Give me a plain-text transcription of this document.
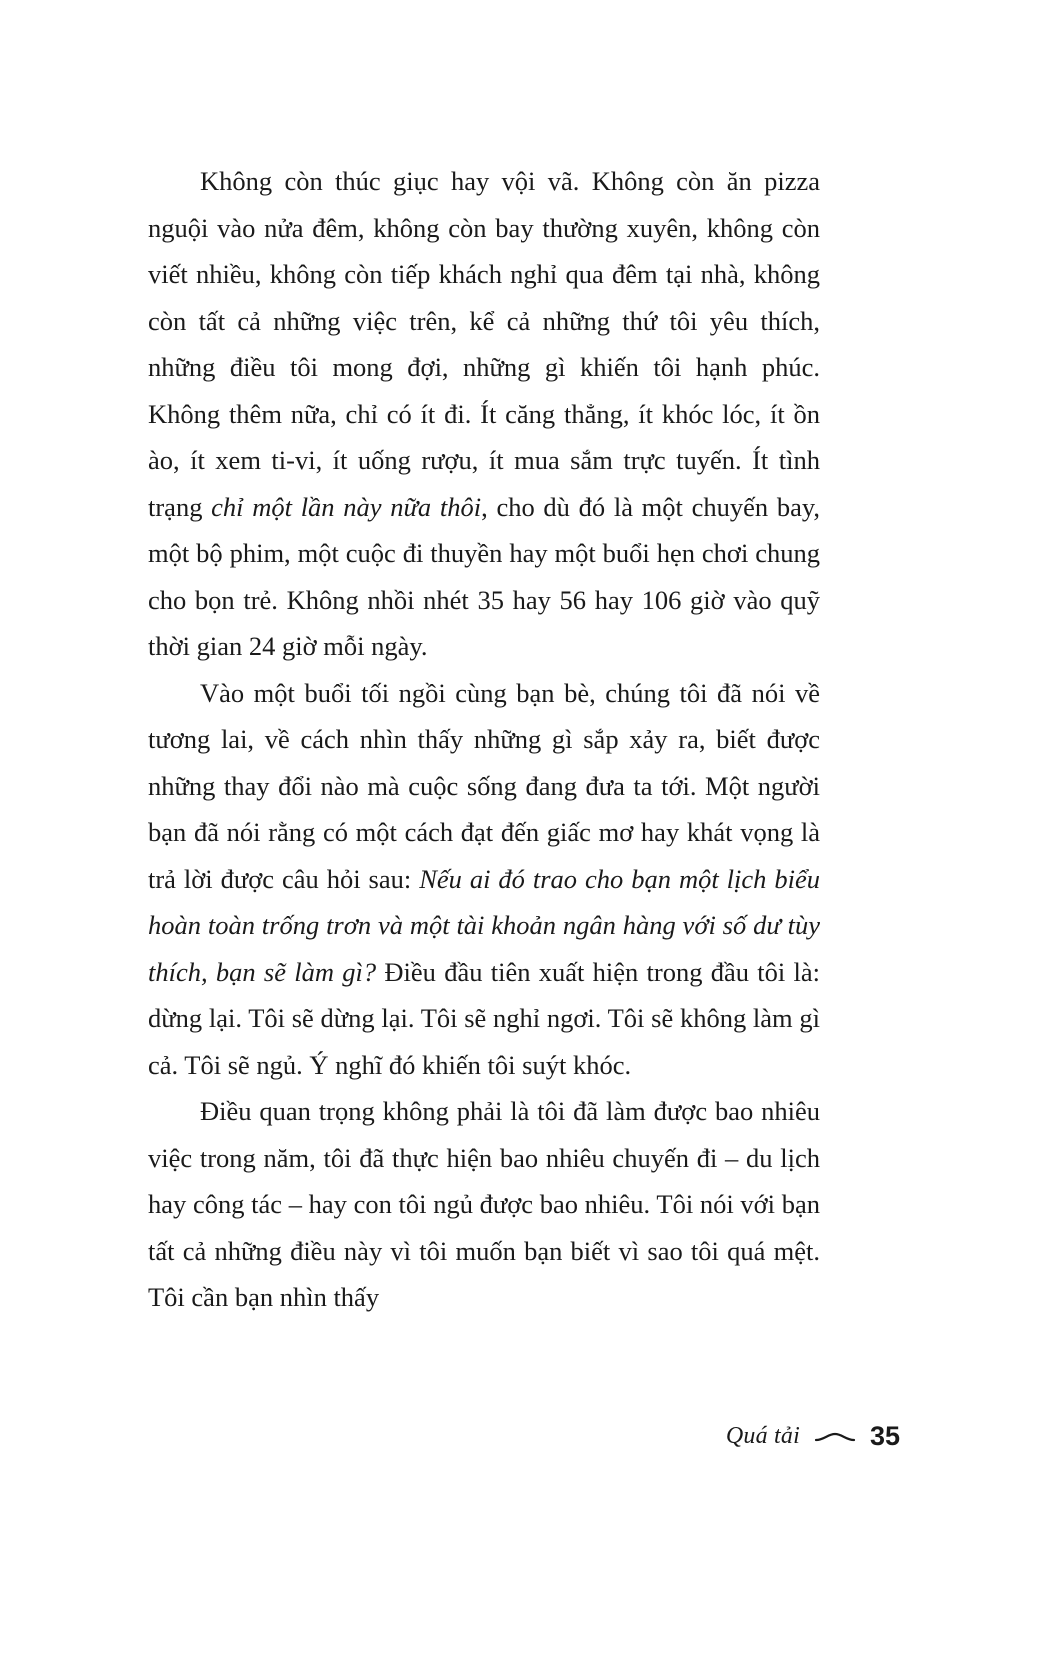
Không còn thúc giục hay vội vã. Không còn ăn pizza nguội vào nửa đêm, không còn bay thường xuyên, không còn viết nhiều, không còn tiếp khách nghỉ qua đêm tại nhà, không còn tất cả những việc trên, kể cả những thứ tôi yêu thích, những điều tôi mong đợi, những gì khiến tôi hạnh phúc. Không thêm nữa, chỉ có ít đi. Ít căng thẳng, ít khóc lóc, ít ồn ào, ít xem ti-vi, ít uống rượu, ít mua sắm trực tuyến. Ít tình trạng chỉ một lần này nữa thôi, cho dù đó là một chuyến bay, một bộ phim, một cuộc đi thuyền hay một buổi hẹn chơi chung cho bọn trẻ. Không nhồi nhét 35 hay 56 hay 106 giờ vào quỹ thời gian 24 giờ mỗi ngày.

Vào một buổi tối ngồi cùng bạn bè, chúng tôi đã nói về tương lai, về cách nhìn thấy những gì sắp xảy ra, biết được những thay đổi nào mà cuộc sống đang đưa ta tới. Một người bạn đã nói rằng có một cách đạt đến giấc mơ hay khát vọng là trả lời được câu hỏi sau: Nếu ai đó trao cho bạn một lịch biểu hoàn toàn trống trơn và một tài khoản ngân hàng với số dư tùy thích, bạn sẽ làm gì? Điều đầu tiên xuất hiện trong đầu tôi là: dừng lại. Tôi sẽ dừng lại. Tôi sẽ nghỉ ngơi. Tôi sẽ không làm gì cả. Tôi sẽ ngủ. Ý nghĩ đó khiến tôi suýt khóc.

Điều quan trọng không phải là tôi đã làm được bao nhiêu việc trong năm, tôi đã thực hiện bao nhiêu chuyến đi – du lịch hay công tác – hay con tôi ngủ được bao nhiêu. Tôi nói với bạn tất cả những điều này vì tôi muốn bạn biết vì sao tôi quá mệt. Tôi cần bạn nhìn thấy

Quá tải	35
